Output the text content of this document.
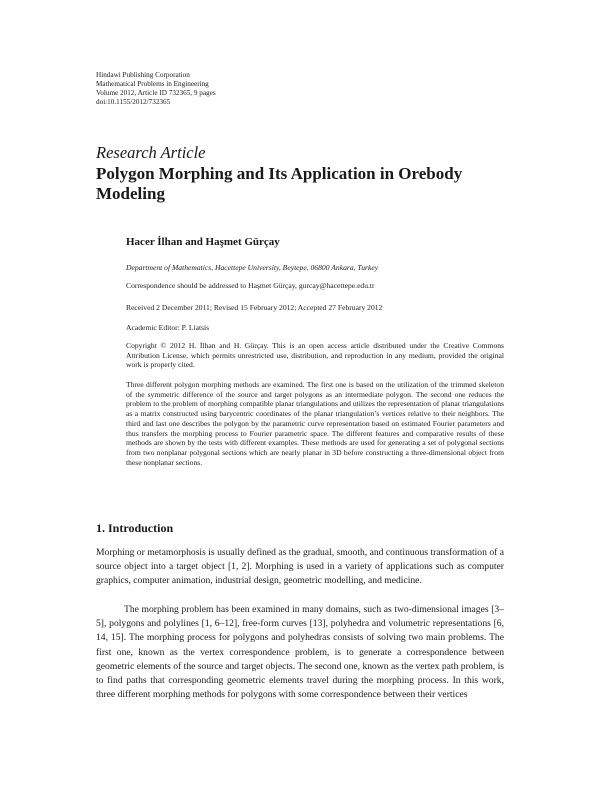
Hindawi Publishing Corporation
Mathematical Problems in Engineering
Volume 2012, Article ID 732365, 9 pages
doi:10.1155/2012/732365
Research Article
Polygon Morphing and Its Application in Orebody Modeling
Hacer İlhan and Haşmet Gürçay
Department of Mathematics, Hacettepe University, Beytepe, 06800 Ankara, Turkey
Correspondence should be addressed to Haşmet Gürçay, gurcay@hacettepe.edu.tr
Received 2 December 2011; Revised 15 February 2012; Accepted 27 February 2012
Academic Editor: P. Liatsis
Copyright © 2012 H. İlhan and H. Gürçay. This is an open access article distributed under the Creative Commons Attribution License, which permits unrestricted use, distribution, and reproduction in any medium, provided the original work is properly cited.
Three different polygon morphing methods are examined. The first one is based on the utilization of the trimmed skeleton of the symmetric difference of the source and target polygons as an intermediate polygon. The second one reduces the problem to the problem of morphing compatible planar triangulations and utilizes the representation of planar triangulations as a matrix constructed using barycentric coordinates of the planar triangulation’s vertices relative to their neighbors. The third and last one describes the polygon by the parametric curve representation based on estimated Fourier parameters and thus transfers the morphing process to Fourier parametric space. The different features and comparative results of these methods are shown by the tests with different examples. These methods are used for generating a set of polygonal sections from two nonplanar polygonal sections which are nearly planar in 3D before constructing a three-dimensional object from these nonplanar sections.
1. Introduction
Morphing or metamorphosis is usually defined as the gradual, smooth, and continuous transformation of a source object into a target object [1, 2]. Morphing is used in a variety of applications such as computer graphics, computer animation, industrial design, geometric modelling, and medicine.
The morphing problem has been examined in many domains, such as two-dimensional images [3–5], polygons and polylines [1, 6–12], free-form curves [13], polyhedra and volumetric representations [6, 14, 15]. The morphing process for polygons and polyhedras consists of solving two main problems. The first one, known as the vertex correspondence problem, is to generate a correspondence between geometric elements of the source and target objects. The second one, known as the vertex path problem, is to find paths that corresponding geometric elements travel during the morphing process. In this work, three different morphing methods for polygons with some correspondence between their vertices
